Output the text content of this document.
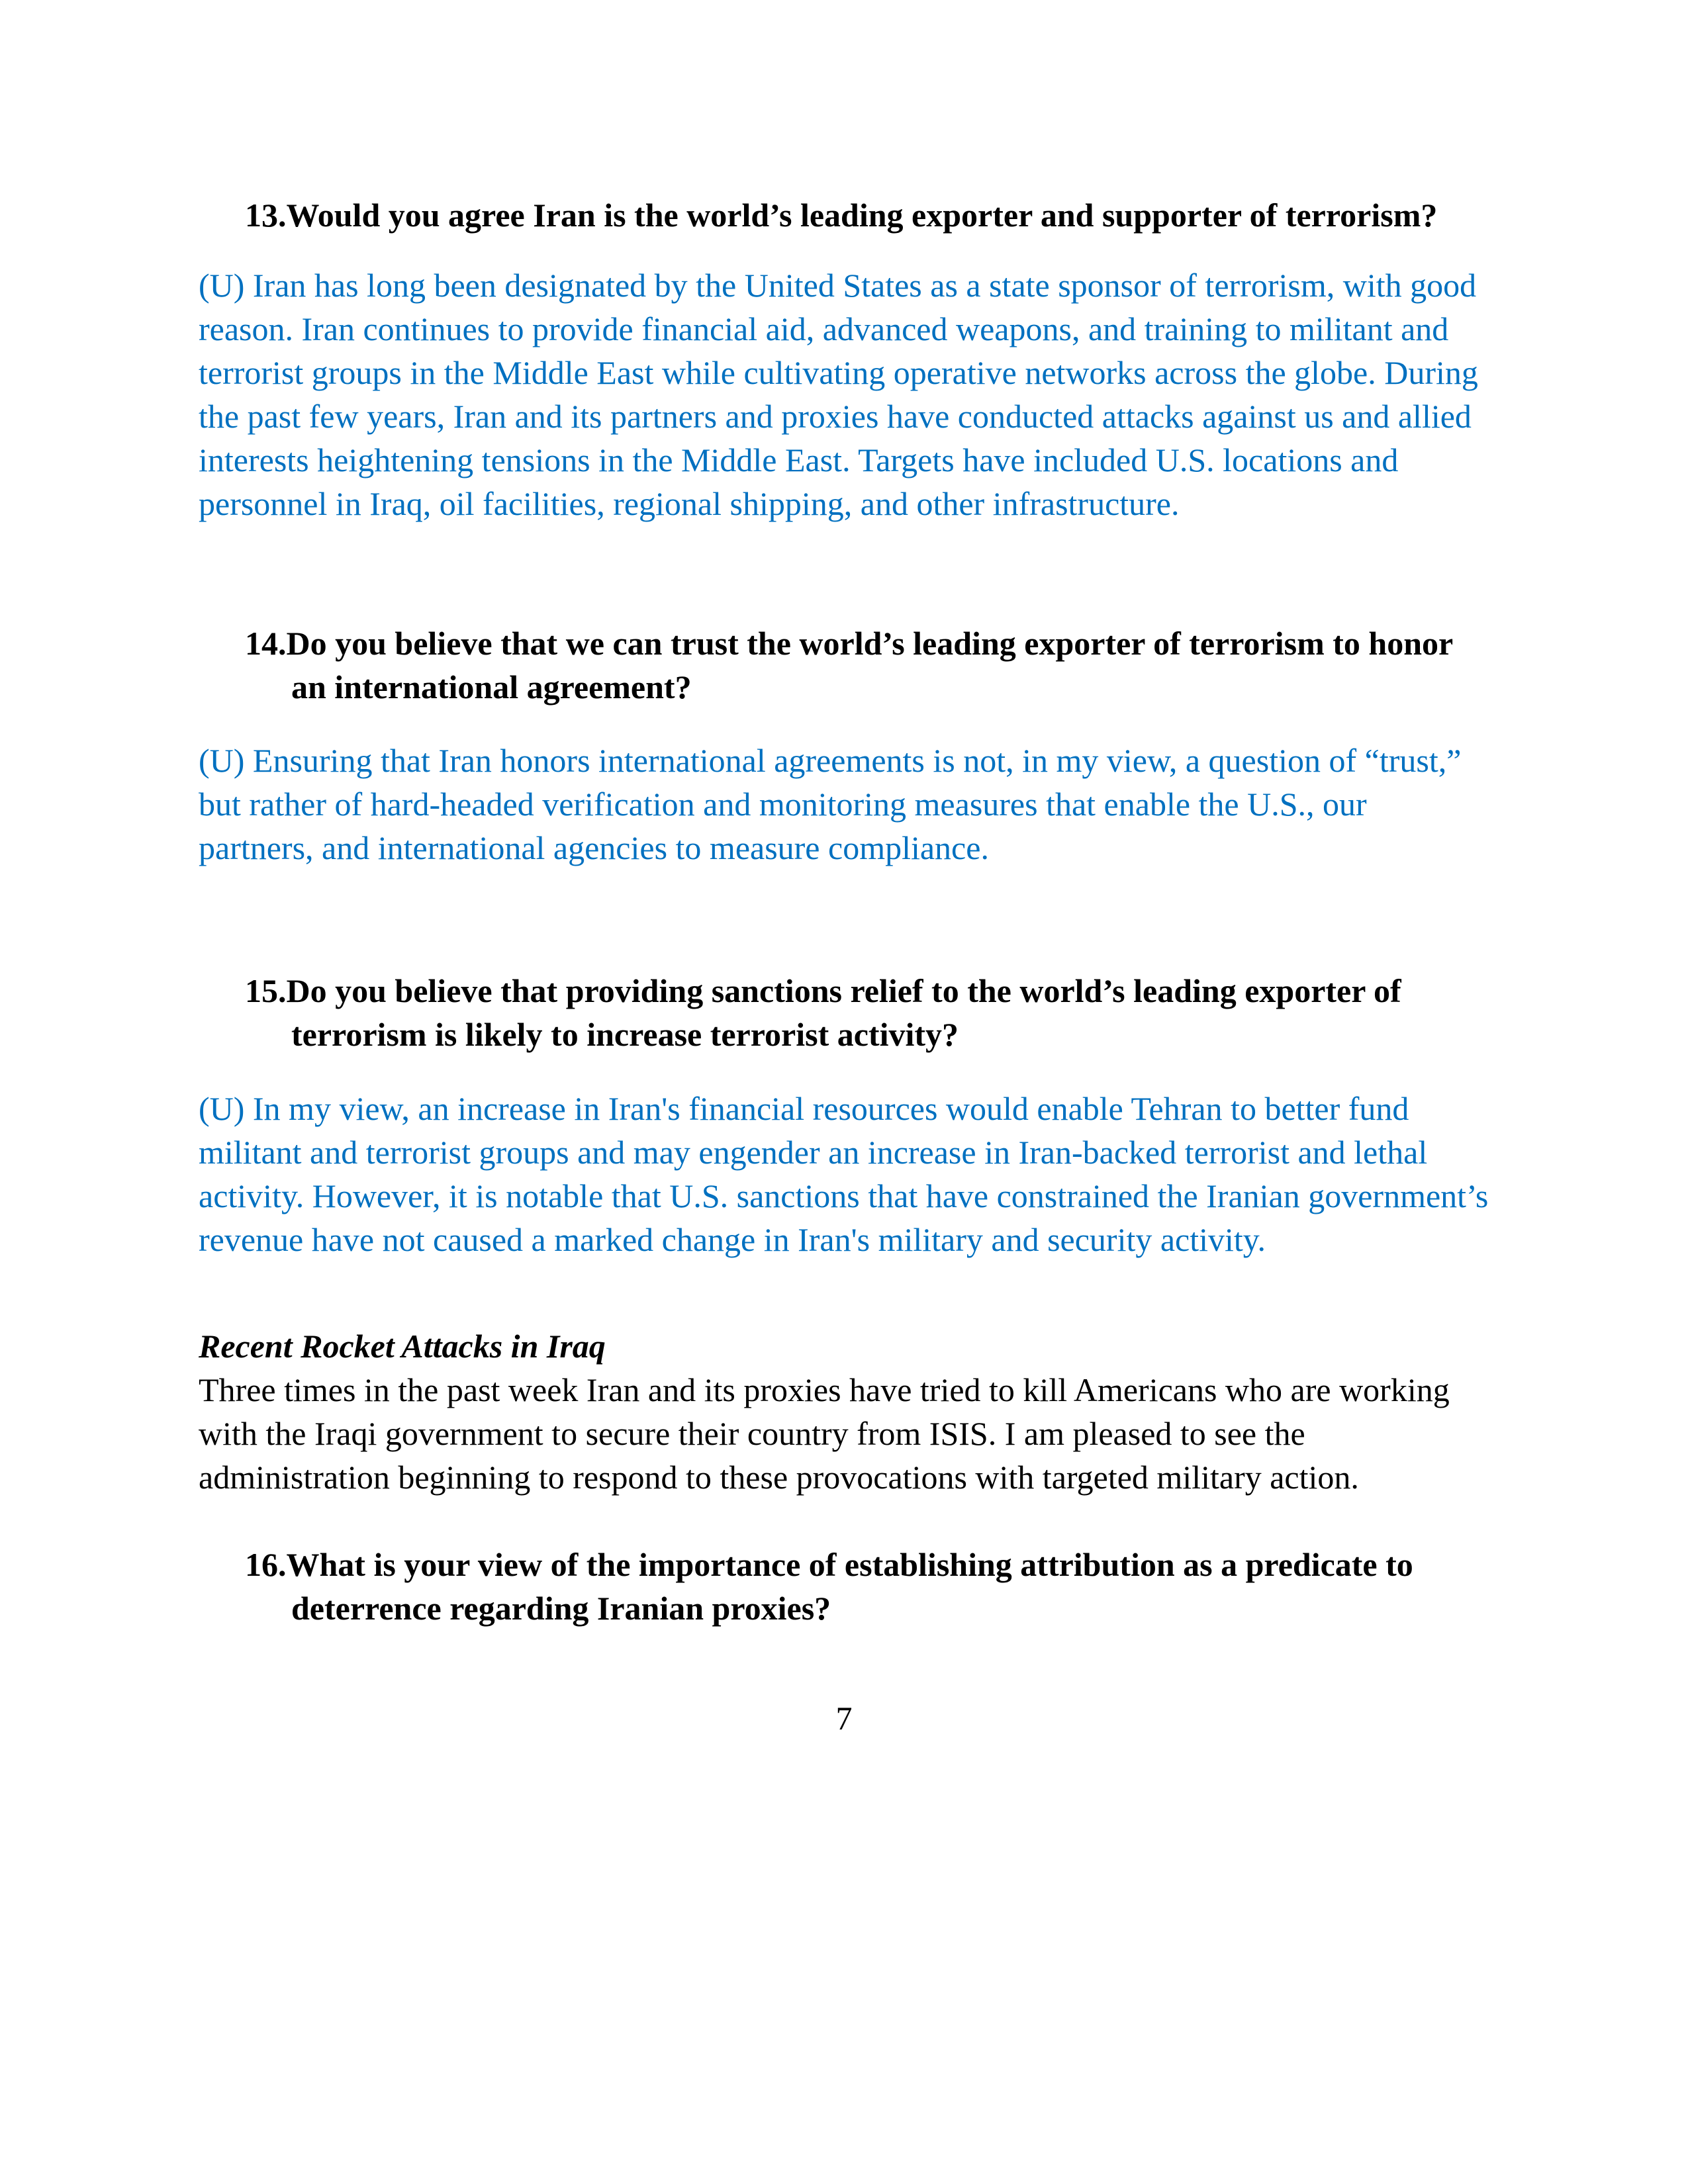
13.Would you agree Iran is the world’s leading exporter and supporter of terrorism?
(U) Iran has long been designated by the United States as a state sponsor of terrorism, with good reason. Iran continues to provide financial aid, advanced weapons, and training to militant and terrorist groups in the Middle East while cultivating operative networks across the globe. During the past few years, Iran and its partners and proxies have conducted attacks against us and allied interests heightening tensions in the Middle East. Targets have included U.S. locations and personnel in Iraq, oil facilities, regional shipping, and other infrastructure.
14.Do you believe that we can trust the world’s leading exporter of terrorism to honor an international agreement?
(U) Ensuring that Iran honors international agreements is not, in my view, a question of “trust,” but rather of hard-headed verification and monitoring measures that enable the U.S., our partners, and international agencies to measure compliance.
15.Do you believe that providing sanctions relief to the world’s leading exporter of terrorism is likely to increase terrorist activity?
(U) In my view, an increase in Iran's financial resources would enable Tehran to better fund militant and terrorist groups and may engender an increase in Iran-backed terrorist and lethal activity. However, it is notable that U.S. sanctions that have constrained the Iranian government’s revenue have not caused a marked change in Iran's military and security activity.
Recent Rocket Attacks in Iraq
Three times in the past week Iran and its proxies have tried to kill Americans who are working with the Iraqi government to secure their country from ISIS. I am pleased to see the administration beginning to respond to these provocations with targeted military action.
16.What is your view of the importance of establishing attribution as a predicate to deterrence regarding Iranian proxies?
7
